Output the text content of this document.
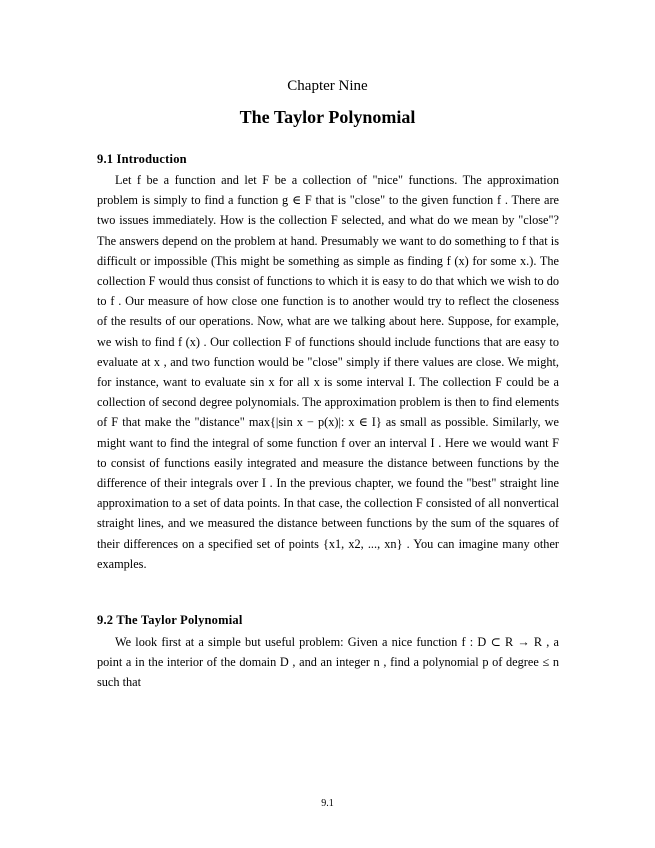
Chapter Nine
The Taylor Polynomial
9.1 Introduction

Let f be a function and let F be a collection of "nice" functions. The approximation problem is simply to find a function g ∈ F that is "close" to the given function f . There are two issues immediately. How is the collection F selected, and what do we mean by "close"? The answers depend on the problem at hand. Presumably we want to do something to f that is difficult or impossible (This might be something as simple as finding f (x) for some x.). The collection F would thus consist of functions to which it is easy to do that which we wish to do to f . Our measure of how close one function is to another would try to reflect the closeness of the results of our operations. Now, what are we talking about here. Suppose, for example, we wish to find f (x) . Our collection F of functions should include functions that are easy to evaluate at x , and two function would be "close" simply if there values are close. We might, for instance, want to evaluate sin x for all x is some interval I. The collection F could be a collection of second degree polynomials. The approximation problem is then to find elements of F that make the "distance" max{|sin x − p(x)|: x ∈ I} as small as possible. Similarly, we might want to find the integral of some function f over an interval I . Here we would want F to consist of functions easily integrated and measure the distance between functions by the difference of their integrals over I . In the previous chapter, we found the "best" straight line approximation to a set of data points. In that case, the collection F consisted of all nonvertical straight lines, and we measured the distance between functions by the sum of the squares of their differences on a specified set of points {x1, x2, ..., xn} . You can imagine many other examples.

9.2 The Taylor Polynomial

We look first at a simple but useful problem: Given a nice function f : D ⊂ R → R , a point a in the interior of the domain D , and an integer n , find a polynomial p of degree ≤ n such that

9.1
